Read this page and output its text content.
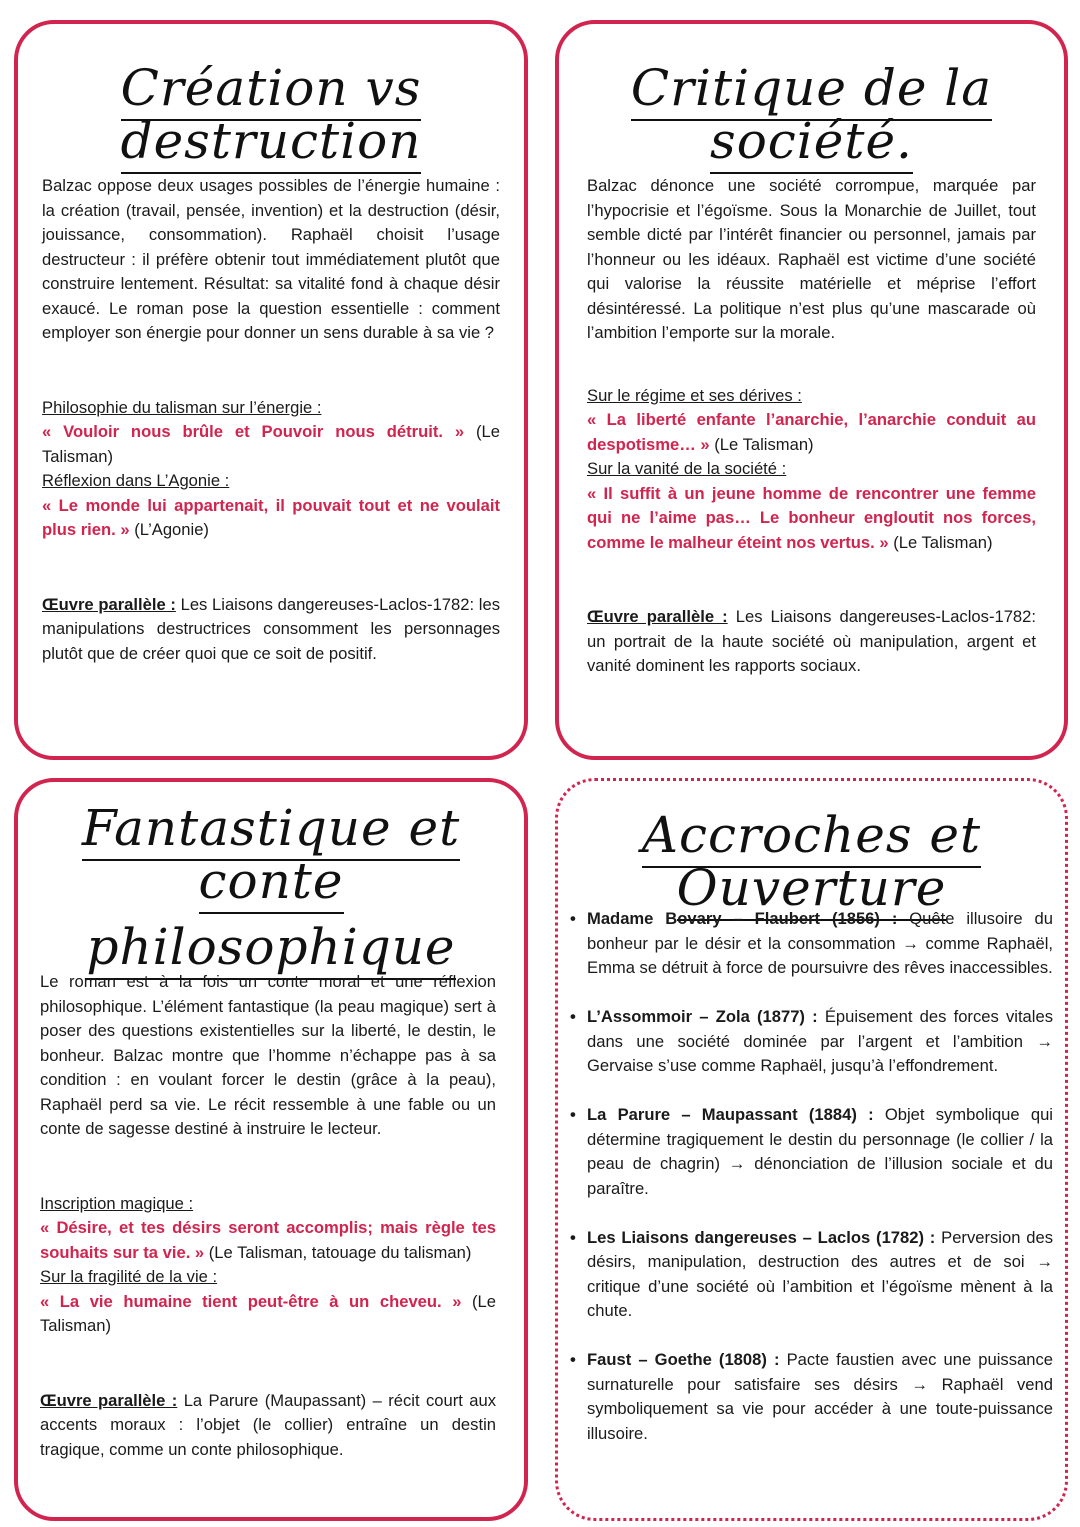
Création vs destruction

Balzac oppose deux usages possibles de l’énergie humaine : la création (travail, pensée, invention) et la destruction (désir, jouissance, consommation). Raphaël choisit l’usage destructeur : il préfère obtenir tout immédiatement plutôt que construire lentement. Résultat: sa vitalité fond à chaque désir exaucé. Le roman pose la question essentielle : comment employer son énergie pour donner un sens durable à sa vie ?

Philosophie du talisman sur l’énergie :

« Vouloir nous brûle et Pouvoir nous détruit. » (Le Talisman)

Réflexion dans L’Agonie :

« Le monde lui appartenait, il pouvait tout et ne voulait plus rien. » (L’Agonie)

Œuvre parallèle : Les Liaisons dangereuses-Laclos-1782: les manipulations destructrices consomment les personnages plutôt que de créer quoi que ce soit de positif.

Critique de la société.

Balzac dénonce une société corrompue, marquée par l’hypocrisie et l’égoïsme. Sous la Monarchie de Juillet, tout semble dicté par l’intérêt financier ou personnel, jamais par l’honneur ou les idéaux. Raphaël est victime d’une société qui valorise la réussite matérielle et méprise l’effort désintéressé. La politique n’est plus qu’une mascarade où l’ambition l’emporte sur la morale.

Sur le régime et ses dérives :

« La liberté enfante l’anarchie, l’anarchie conduit au despotisme… » (Le Talisman)

Sur la vanité de la société :

« Il suffit à un jeune homme de rencontrer une femme qui ne l’aime pas… Le bonheur engloutit nos forces, comme le malheur éteint nos vertus. » (Le Talisman)

Œuvre parallèle : Les Liaisons dangereuses-Laclos-1782: un portrait de la haute société où manipulation, argent et vanité dominent les rapports sociaux.

Fantastique et conte
philosophique

Le roman est à la fois un conte moral et une réflexion philosophique. L’élément fantastique (la peau magique) sert à poser des questions existentielles sur la liberté, le destin, le bonheur. Balzac montre que l’homme n’échappe pas à sa condition : en voulant forcer le destin (grâce à la peau), Raphaël perd sa vie. Le récit ressemble à une fable ou un conte de sagesse destiné à instruire le lecteur.

Inscription magique :

« Désire, et tes désirs seront accomplis; mais règle tes souhaits sur ta vie. » (Le Talisman, tatouage du talisman)

Sur la fragilité de la vie :

« La vie humaine tient peut-être à un cheveu. » (Le Talisman)

Œuvre parallèle : La Parure (Maupassant) – récit court aux accents moraux : l’objet (le collier) entraîne un destin tragique, comme un conte philosophique.

Accroches et Ouverture
• Madame Bovary – Flaubert (1856) : Quête illusoire du bonheur par le désir et la consommation → comme Raphaël, Emma se détruit à force de poursuivre des rêves inaccessibles.
• L’Assommoir – Zola (1877) : Épuisement des forces vitales dans une société dominée par l’argent et l’ambition → Gervaise s’use comme Raphaël, jusqu’à l’effondrement.
• La Parure – Maupassant (1884) : Objet symbolique qui détermine tragiquement le destin du personnage (le collier / la peau de chagrin) → dénonciation de l’illusion sociale et du paraître.
• Les Liaisons dangereuses – Laclos (1782) : Perversion des désirs, manipulation, destruction des autres et de soi → critique d’une société où l’ambition et l’égoïsme mènent à la chute.
• Faust – Goethe (1808) : Pacte faustien avec une puissance surnaturelle pour satisfaire ses désirs → Raphaël vend symboliquement sa vie pour accéder à une toute-puissance illusoire.
